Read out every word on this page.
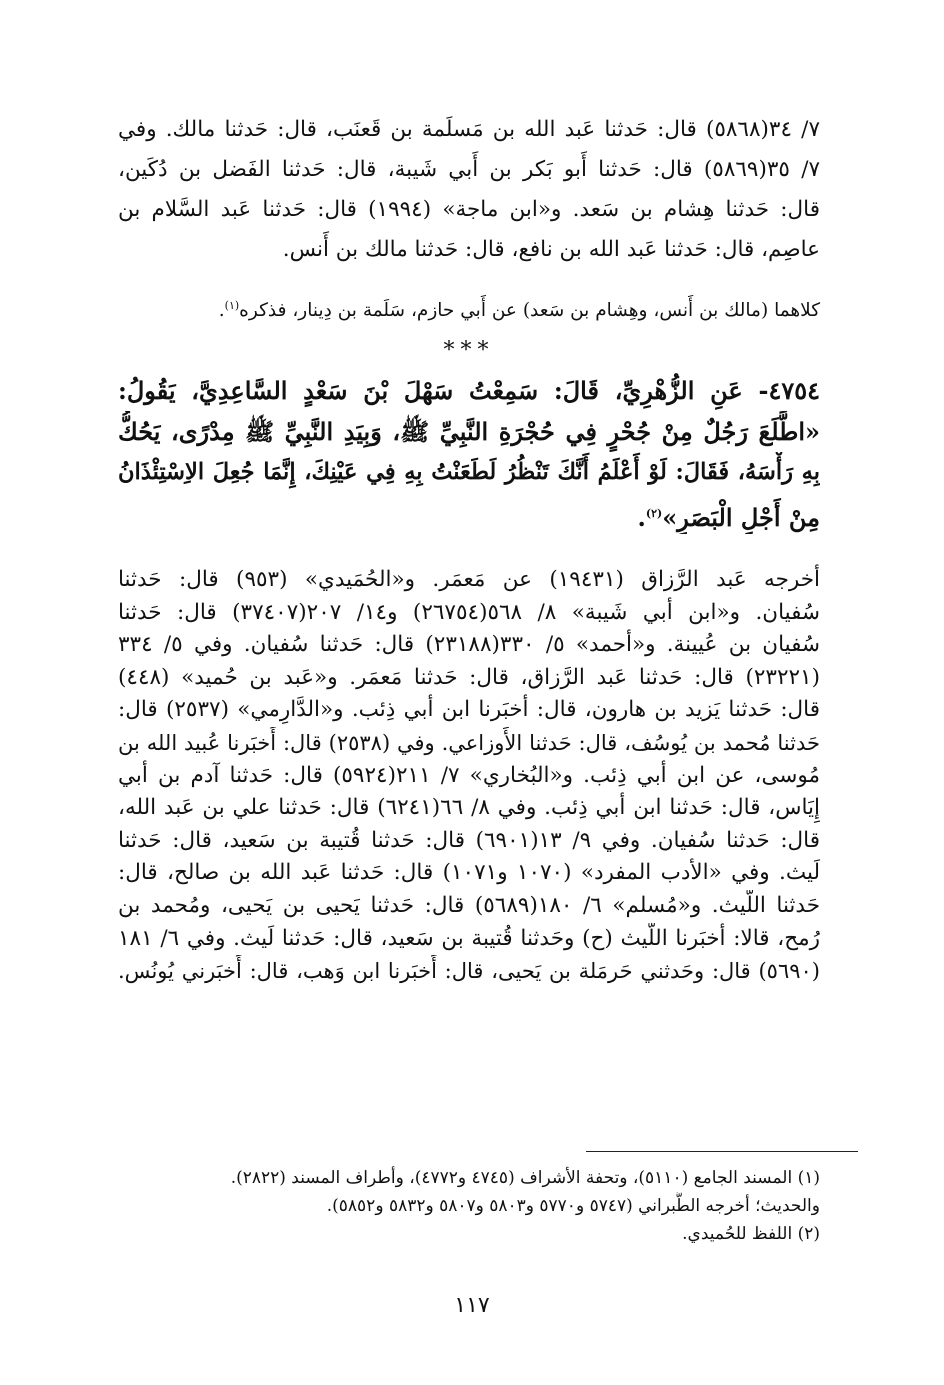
٧/ ٣٤(٥٨٦٨) قال: حَدثنا عَبد الله بن مَسلَمة بن قَعنَب، قال: حَدثنا مالك. وفي
٧/ ٣٥(٥٨٦٩) قال: حَدثنا أَبو بَكر بن أَبي شَيبة، قال: حَدثنا الفَضل بن دُكَين،
قال: حَدثنا هِشام بن سَعد. و«ابن ماجة» (١٩٩٤) قال: حَدثنا عَبد السَّلام بن
عاصِم، قال: حَدثنا عَبد الله بن نافع، قال: حَدثنا مالك بن أَنس.
كلاهما (مالك بن أَنس، وهِشام بن سَعد) عن أَبي حازم، سَلَمة بن دِينار، فذكره$^{(١)}$.
***
٤٧٥٤- عَنِ الزُّهْرِيِّ، قَالَ: سَمِعْتُ سَهْلَ بْنَ سَعْدٍ السَّاعِدِيَّ، يَقُولُ:
«اطَّلَعَ رَجُلٌ مِنْ جُحْرٍ فِي حُجْرَةِ النَّبِيِّ ﷺ، وَبِيَدِ النَّبِيِّ ﷺ مِدْرًى، يَحُكُّ
بِهِ رَأْسَهُ، فَقَالَ: لَوْ أَعْلَمُ أَنَّكَ تَنْظُرُ لَطَعَنْتُ بِهِ فِي عَيْنِكَ، إِنَّمَا جُعِلَ الاِسْتِئْذَانُ
مِنْ أَجْلِ الْبَصَرِ»$^{(٢)}$.
أَخرجه عَبد الرَّزاق (١٩٤٣١) عن مَعمَر. و«الحُمَيدي» (٩٥٣) قال: حَدثنا
سُفيان. و«ابن أَبي شَيبة» ٨/ ٥٦٨(٢٦٧٥٤) و١٤/ ٢٠٧(٣٧٤٠٧) قال: حَدثنا
سُفيان بن عُيينة. و«أَحمد» ٥/ ٣٣٠(٢٣١٨٨) قال: حَدثنا سُفيان. وفي ٥/ ٣٣٤
(٢٣٢٢١) قال: حَدثنا عَبد الرَّزاق، قال: حَدثنا مَعمَر. و«عَبد بن حُميد» (٤٤٨)
قال: حَدثنا يَزيد بن هارون، قال: أَخبَرنا ابن أَبي ذِئب. و«الدَّارِمي» (٢٥٣٧) قال:
حَدثنا مُحمد بن يُوسُف، قال: حَدثنا الأَوزاعي. وفي (٢٥٣٨) قال: أَخبَرنا عُبيد الله بن
مُوسى، عن ابن أَبي ذِئب. و«البُخاري» ٧/ ٢١١(٥٩٢٤) قال: حَدثنا آدم بن أَبي
إِيَاس، قال: حَدثنا ابن أَبي ذِئب. وفي ٨/ ٦٦(٦٢٤١) قال: حَدثنا علي بن عَبد الله،
قال: حَدثنا سُفيان. وفي ٩/ ١٣(٦٩٠١) قال: حَدثنا قُتيبة بن سَعيد، قال: حَدثنا
لَيث. وفي «الأدب المفرد» (١٠٧٠ و١٠٧١) قال: حَدثنا عَبد الله بن صالح، قال:
حَدثنا اللَّيث. و«مُسلم» ٦/ ١٨٠(٥٦٨٩) قال: حَدثنا يَحيى بن يَحيى، ومُحمد بن
رُمح، قالا: أَخبَرنا اللَّيث (ح) وحَدثنا قُتيبة بن سَعيد، قال: حَدثنا لَيث. وفي ٦/ ١٨١
(٥٦٩٠) قال: وحَدثني حَرمَلة بن يَحيى، قال: أَخبَرنا ابن وَهب، قال: أَخبَرني يُونُس.
(١) المسند الجامع (٥١١٠)، وتحفة الأشراف (٤٧٤٥ و٤٧٧٢)، وأطراف المسند (٢٨٢٢).
والحديث؛ أخرجه الطَّبراني (٥٧٤٧ و٥٧٧٠ و٥٨٠٣ و٥٨٠٧ و٥٨٣٢ و٥٨٥٢).
(٢) اللفظ للحُميدي.
١١٧
